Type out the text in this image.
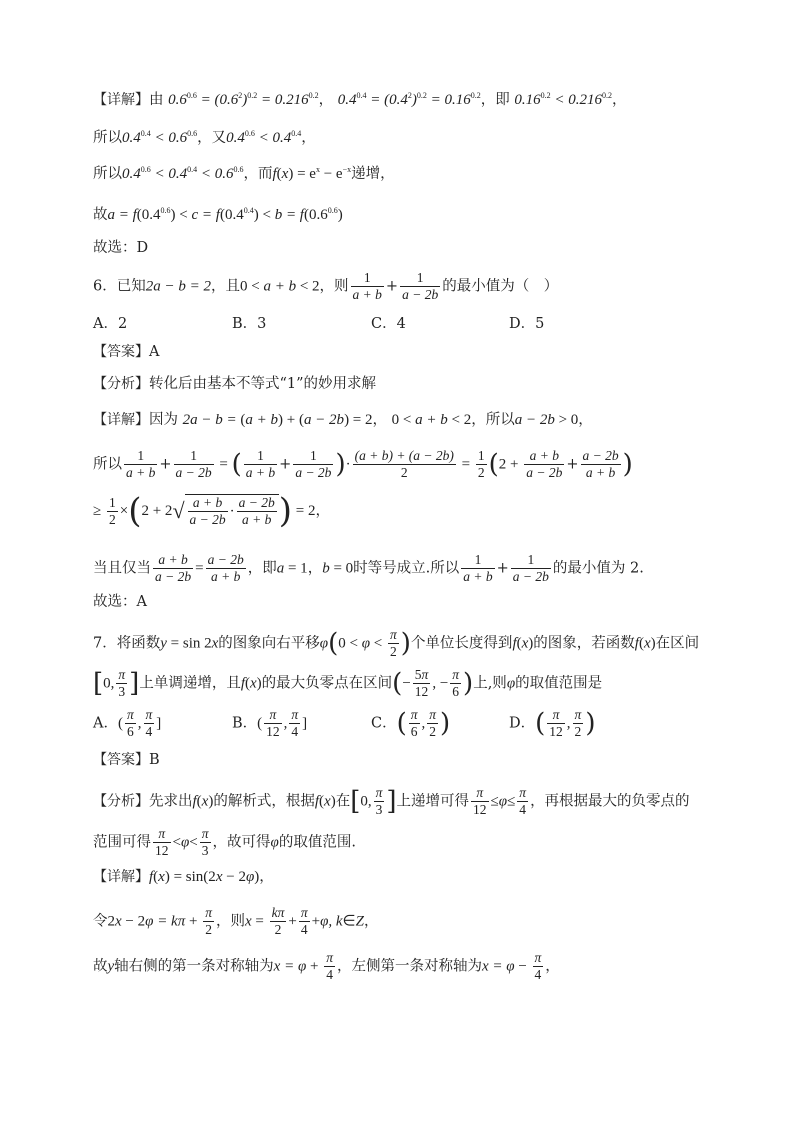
【详解】由 $0.6^{0.6} = (0.6^2)^{0.2} = 0.216^{0.2}$， $0.4^{0.4} = (0.4^2)^{0.2} = 0.16^{0.2}$，即 $0.16^{0.2} < 0.216^{0.2}$，
所以$0.4^{0.4} < 0.6^{0.6}$，又$0.4^{0.6} < 0.4^{0.4}$，
所以$0.4^{0.6} < 0.4^{0.4} < 0.6^{0.6}$，而$f(x) = e^x - e^{-x}$递增，
故$a = f(0.4^{0.6}) < c = f(0.4^{0.4}) < b = f(0.6^{0.6})$
故选：D
6．已知2a − b = 2，且0 < a + b < 2，则 $\frac{1}{a + b} + \frac{1}{a - 2b}$ 的最小值为（　）
A．2	B．3	C．4	D．5
【答案】A
【分析】转化后由基本不等式“1”的妙用求解
【详解】因为 2a − b = (a + b) + (a − 2b) = 2， 0 < a + b < 2，所以a − 2b > 0，
所以 $\frac{1}{a + b} + \frac{1}{a - 2b}$ = ( $\frac{1}{a + b} + \frac{1}{a - 2b}$ )· $\frac{(a + b) + (a - 2b)}{2} = \frac{1}{2} (2 + \frac{a + b}{a - 2b} + \frac{a - 2b}{a + b}$ )
≥ $\frac{1}{2} \times(2 + 2√ \frac{a + b}{a - 2b} \cdot \frac{a - 2b}{a + b}$ ) = 2，
当且仅当 $\frac{a + b}{a - 2b} = \frac{a - 2b}{a + b}$ ，即a = 1，b = 0时等号成立.所以 $\frac{1}{a + b} + \frac{1}{a - 2b}$ 的最小值为 2.
故选：A
7．将函数y = sin 2x的图象向右平移$\varphi(0 < \varphi < \frac{\pi}{2}$ )个单位长度得到f(x)的图象，若函数f(x)在区间
[0, $\frac{\pi}{3}$ ]上单调递增，且f(x)的最大负零点在区间(− $\frac{5\pi}{12}$ , − $\frac{\pi}{6}$ )上,则φ的取值范围是
A．( $\frac{\pi}{6}$ , $\frac{\pi}{4}$ ]	B．( $\frac{\pi}{12}$ , $\frac{\pi}{4}$ ]	C．( $\frac{\pi}{6}$ , $\frac{\pi}{2}$ )	D．( $\frac{\pi}{12}$ , $\frac{\pi}{2}$ )
【答案】B
【分析】先求出f(x)的解析式，根据f(x)在[0, $\frac{\pi}{3}$ ]上递增可得 $\frac{\pi}{12} \le\varphi\le \frac{\pi}{4}$ ，再根据最大的负零点的
范围可得 $\frac{\pi}{12} <\varphi< \frac{\pi}{3}$ ，故可得φ的取值范围.
【详解】f(x) = sin(2x − 2φ)，
令$2x - 2\varphi = k\pi + \frac{\pi}{2}$ ，则$x = \frac{k\pi}{2} + \frac{\pi}{4} +\varphi$, k∈Z，
故y轴右侧的第一条对称轴为$x = \varphi + \frac{\pi}{4}$ ，左侧第一条对称轴为$x = \varphi - \frac{\pi}{4}$ ，
